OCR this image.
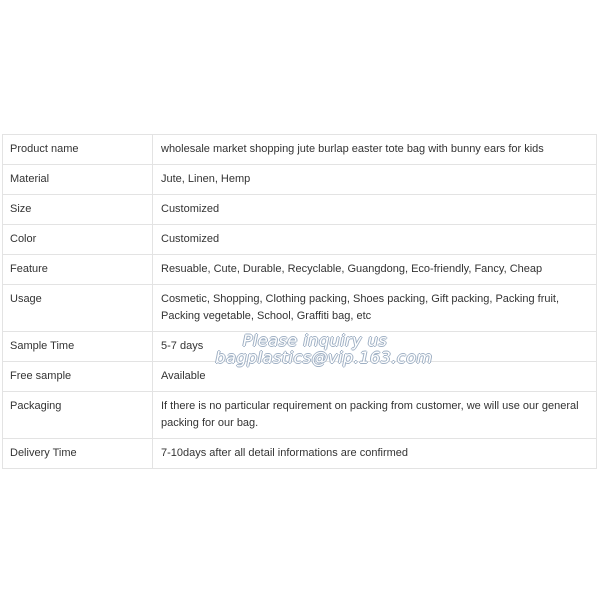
Product name	wholesale market shopping jute burlap easter tote bag with bunny ears for kids
Material	Jute, Linen, Hemp
Size	Customized
Color	Customized
Feature	Resuable, Cute, Durable, Recyclable, Guangdong, Eco-friendly, Fancy, Cheap
Usage	Cosmetic, Shopping, Clothing packing, Shoes packing, Gift packing, Packing fruit, Packing vegetable, School, Graffiti bag, etc
Sample Time	5-7 days
Free sample	Available
Packaging	If there is no particular requirement on packing from customer, we will use our general packing for our bag.
Delivery Time	7-10days after all detail informations are confirmed
Please inquiry us
bagplastics@vip.163.com
